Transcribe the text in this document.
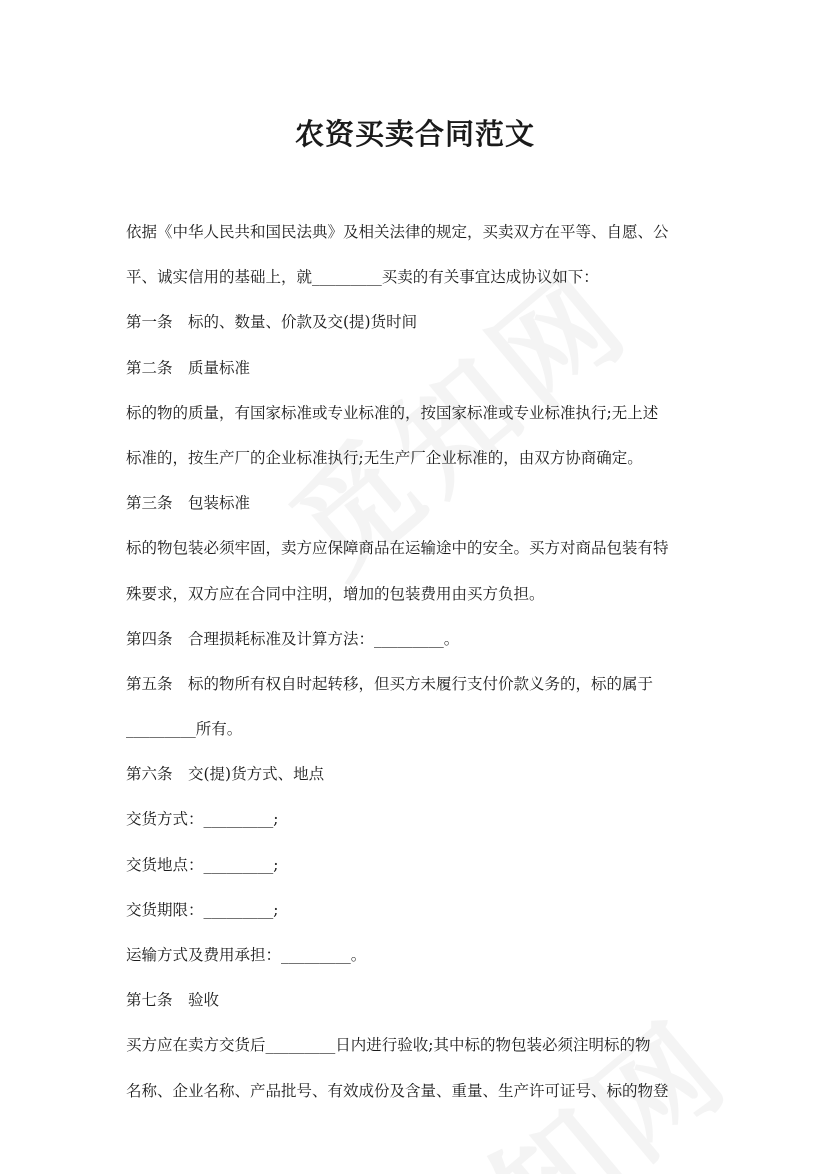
农资买卖合同范文
依据《中华人民共和国民法典》及相关法律的规定，买卖双方在平等、自愿、公
平、诚实信用的基础上，就_________买卖的有关事宜达成协议如下：
第一条　标的、数量、价款及交(提)货时间
第二条　质量标准
标的物的质量，有国家标准或专业标准的，按国家标准或专业标准执行;无上述
标准的，按生产厂的企业标准执行;无生产厂企业标准的，由双方协商确定。
第三条　包装标准
标的物包装必须牢固，卖方应保障商品在运输途中的安全。买方对商品包装有特
殊要求，双方应在合同中注明，增加的包装费用由买方负担。
第四条　合理损耗标准及计算方法：_________。
第五条　标的物所有权自时起转移，但买方未履行支付价款义务的，标的属于
_________所有。
第六条　交(提)货方式、地点
交货方式：_________;
交货地点：_________;
交货期限：_________;
运输方式及费用承担：_________。
第七条　验收
买方应在卖方交货后_________日内进行验收;其中标的物包装必须注明标的物
名称、企业名称、产品批号、有效成份及含量、重量、生产许可证号、标的物登
